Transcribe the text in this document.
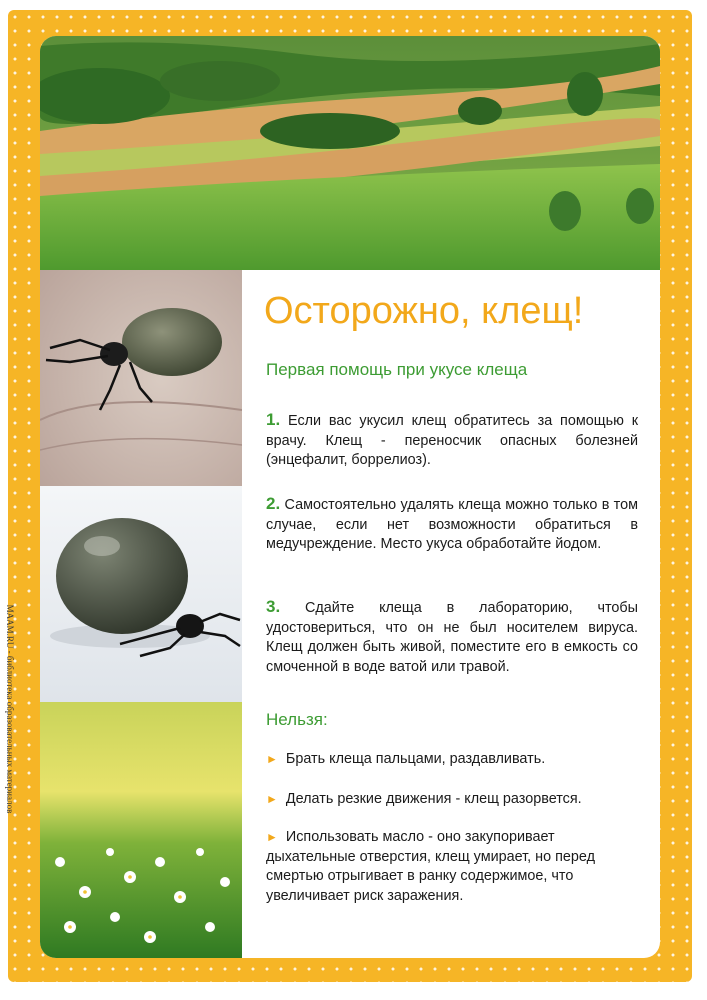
Осторожно, клещ!
Первая помощь при укусе клеща

1. Если вас укусил клещ обратитесь за помощью к врачу. Клещ - переносчик опасных болезней (энцефалит, боррелиоз).

2. Самостоятельно удалять клеща можно только в том случае, если нет возможности обратиться в медучреждение. Место укуса обработайте йодом.

3. Сдайте клеща в лабораторию, чтобы удостовериться, что он не был носителем вируса. Клещ должен быть живой, поместите его в емкость со смоченной в воде ватой или травой.

Нельзя:

► Брать клеща пальцами, раздавливать.

► Делать резкие движения - клещ разорвется.

► Использовать масло - оно закупоривает дыхательные отверстия, клещ умирает, но перед смертью отрыгивает в ранку содержимое, что увеличивает риск заражения.

MAAM.RU - библиотека образовательных материалов
